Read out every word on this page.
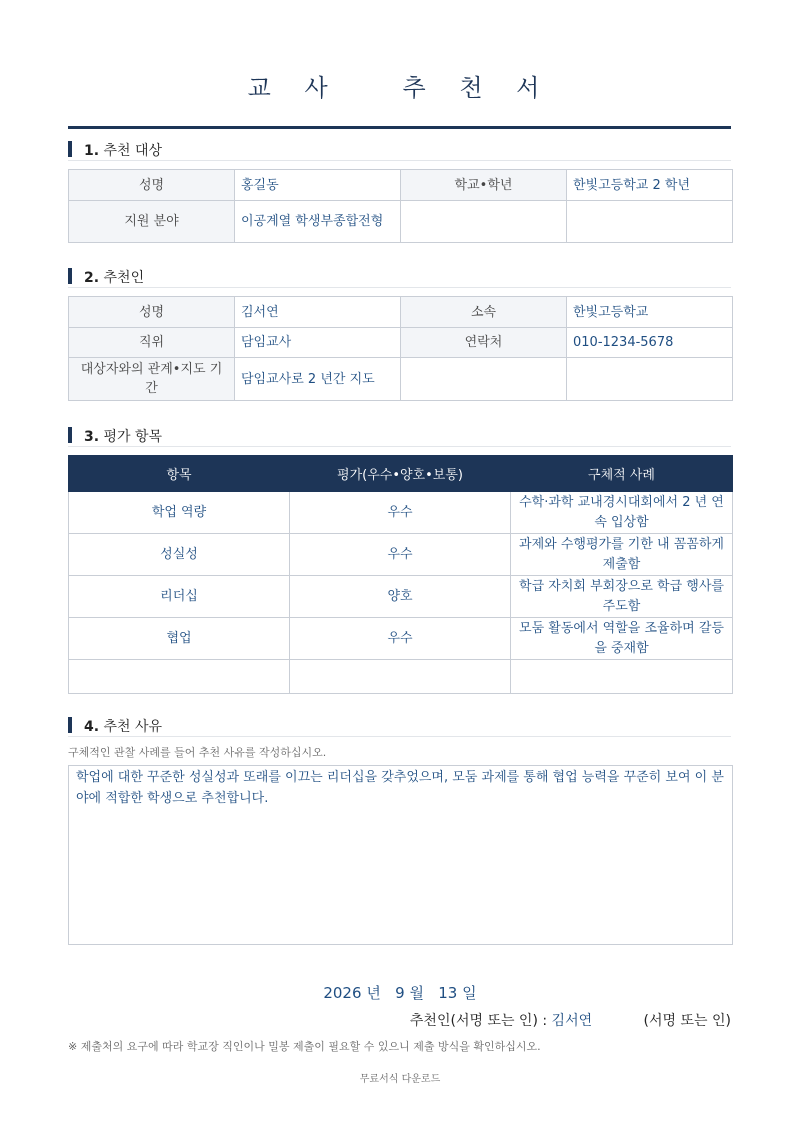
교 사   추 천 서
1. 추천 대상
성명	홍길동	학교•학년	한빛고등학교 2 학년
지원 분야	이공계열 학생부종합전형		
2. 추천인
성명	김서연	소속	한빛고등학교
직위	담임교사	연락처	010-1234-5678
대상자와의 관계•지도 기간	담임교사로 2 년간 지도		
3. 평가 항목
항목	평가(우수•양호•보통)	구체적 사례
학업 역량	우수	수학·과학 교내경시대회에서 2 년 연속 입상함
성실성	우수	과제와 수행평가를 기한 내 꼼꼼하게 제출함
리더십	양호	학급 자치회 부회장으로 학급 행사를 주도함
협업	우수	모둠 활동에서 역할을 조율하며 갈등을 중재함

4. 추천 사유
구체적인 관찰 사례를 들어 추천 사유를 작성하십시오.
학업에 대한 꾸준한 성실성과 또래를 이끄는 리더십을 갖추었으며, 모둠 과제를 통해 협업 능력을 꾸준히 보여 이 분야에 적합한 학생으로 추천합니다.
2026 년 9 월 13 일
추천인(서명 또는 인) : 김서연	(서명 또는 인)
※ 제출처의 요구에 따라 학교장 직인이나 밀봉 제출이 필요할 수 있으니 제출 방식을 확인하십시오.
무료서식 다운로드
